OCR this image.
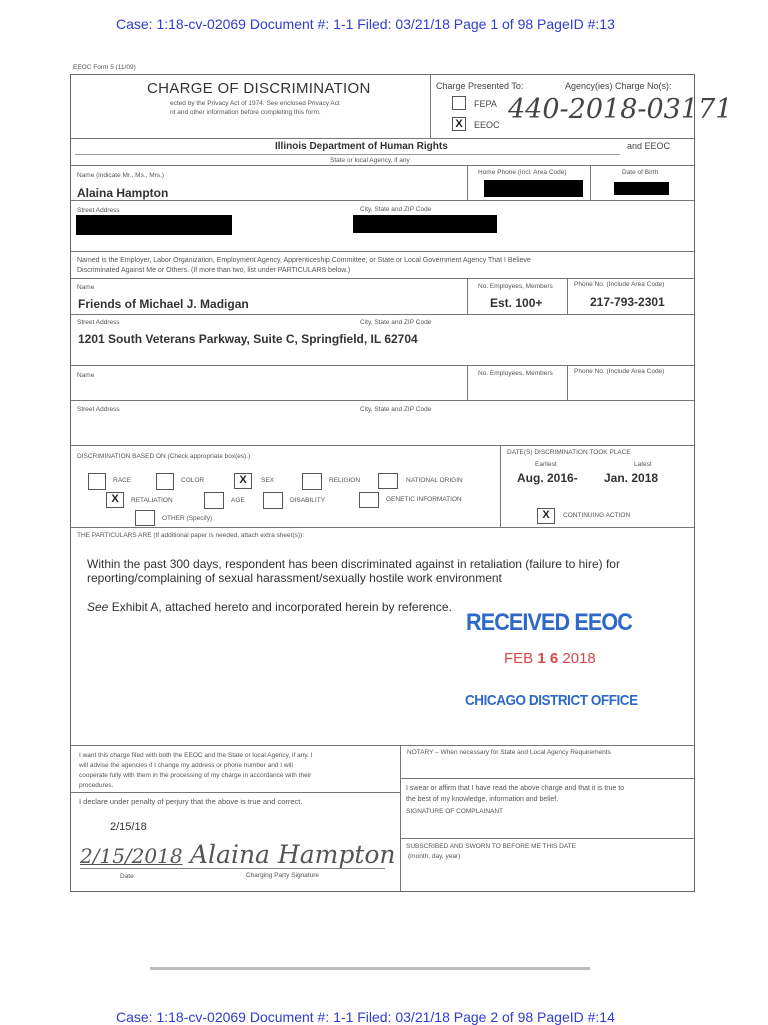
Case: 1:18-cv-02069 Document #: 1-1 Filed: 03/21/18 Page 1 of 98 PageID #:13
Case: 1:18-cv-02069 Document #: 1-1 Filed: 03/21/18 Page 2 of 98 PageID #:14
EEOC Form 5 (11/09)
CHARGE OF DISCRIMINATION
ected by the Privacy Act of 1974. See enclosed Privacy Act
nt and other information before completing this form.
Charge Presented To:	Agency(ies) Charge No(s):
FEPA
X	EEOC 440-2018-03171
Illinois Department of Human Rights	and EEOC
State or local Agency, if any
Name (indicate Mr., Ms., Mrs.)
Alaina Hampton
Home Phone (Incl. Area Code)	Date of Birth
Street Address	City, State and ZIP Code
Named is the Employer, Labor Organization, Employment Agency, Apprenticeship Committee, or State or Local Government Agency That I Believe
Discriminated Against Me or Others. (If more than two, list under PARTICULARS below.)
Name	No. Employees, Members	Phone No. (Include Area Code)
Friends of Michael J. Madigan	Est. 100+	217-793-2301
Street Address	City, State and ZIP Code
1201 South Veterans Parkway, Suite C, Springfield, IL 62704
Name	No. Employees, Members	Phone No. (Include Area Code)
Street Address	City, State and ZIP Code
DISCRIMINATION BASED ON (Check appropriate box(es).)
RACE	COLOR	X	SEX	RELIGION	NATIONAL ORIGIN
X	RETALIATION	AGE	DISABILITY	GENETIC INFORMATION
OTHER (Specify)
DATE(S) DISCRIMINATION TOOK PLACE
Earliest	Latest
Aug. 2016- Jan. 2018
X	CONTINUING ACTION
THE PARTICULARS ARE (If additional paper is needed, attach extra sheet(s)):
Within the past 300 days, respondent has been discriminated against in retaliation (failure to hire) for
reporting/complaining of sexual harassment/sexually hostile work environment
See Exhibit A, attached hereto and incorporated herein by reference.
RECEIVED EEOC
FEB 1 6 2018
CHICAGO DISTRICT OFFICE
I want this charge filed with both the EEOC and the State or local Agency, if any. I
will advise the agencies if I change my address or phone number and I will
cooperate fully with them in the processing of my charge in accordance with their
procedures.
NOTARY – When necessary for State and Local Agency Requirements
I declare under penalty of perjury that the above is true and correct.
I swear or affirm that I have read the above charge and that it is true to
the best of my knowledge, information and belief.
SIGNATURE OF COMPLAINANT
2/15/18
2/15/2018 Alaina Hampton
Date	Charging Party Signature
SUBSCRIBED AND SWORN TO BEFORE ME THIS DATE
(month, day, year)
